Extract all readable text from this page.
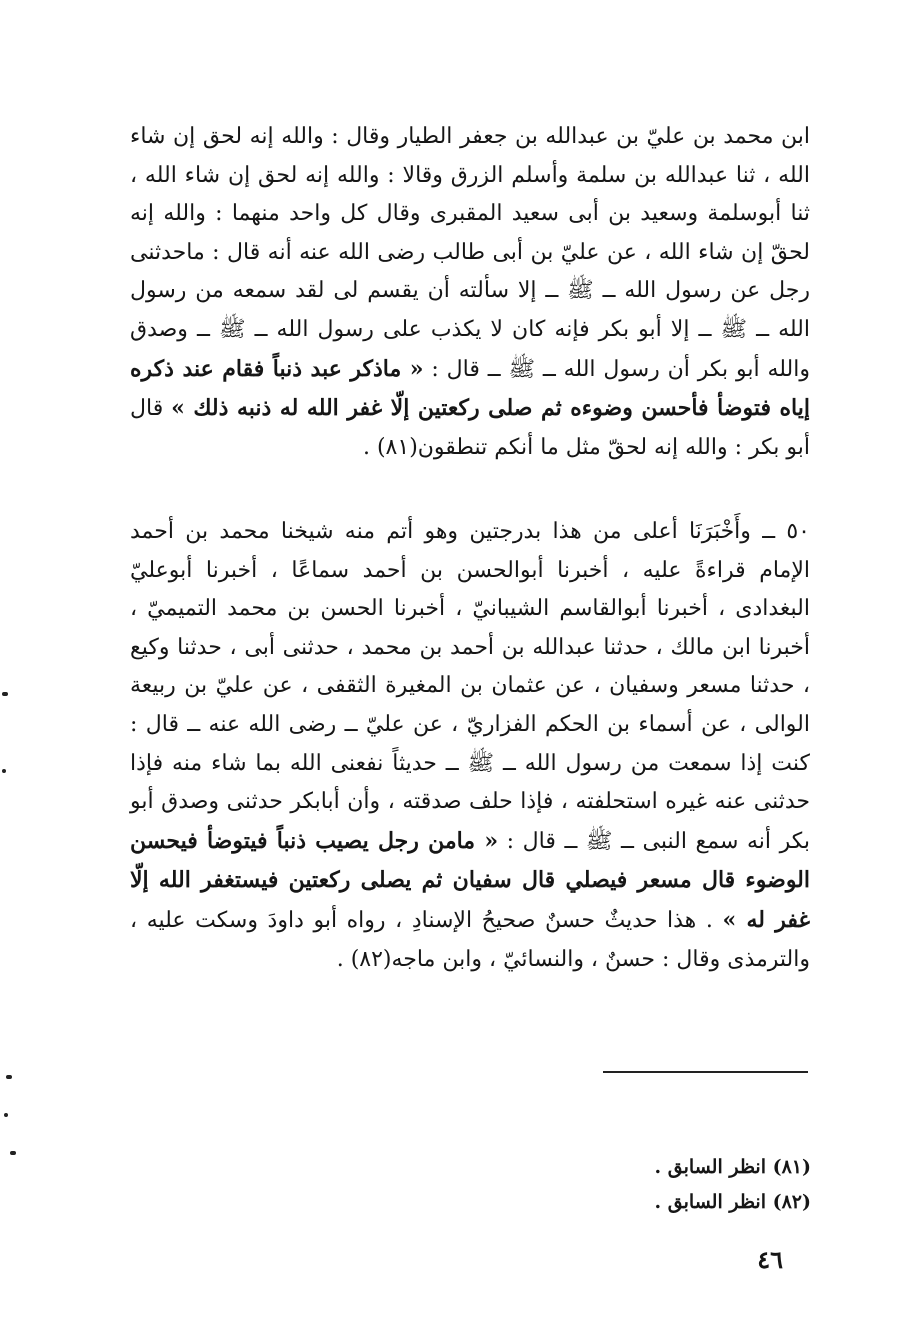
ابن محمد بن عليّ بن عبدالله بن جعفر الطيار وقال : والله إنه لحق إن شاء الله ، ثنا عبدالله بن سلمة وأسلم الزرق وقالا : والله إنه لحق إن شاء الله ، ثنا أبوسلمة وسعيد بن أبى سعيد المقبرى وقال كل واحد منهما : والله إنه لحقّ إن شاء الله ، عن عليّ بن أبى طالب رضى الله عنه أنه قال : ماحدثنى رجل عن رسول الله ــ ﷺ ــ إلا سألته أن يقسم لى لقد سمعه من رسول الله ــ ﷺ ــ إلا أبو بكر فإنه كان لا يكذب على رسول الله ــ ﷺ ــ وصدق والله أبو بكر أن رسول الله ــ ﷺ ــ قال : « ماذكر عبد ذنباً فقام عند ذكره إياه فتوضأ فأحسن وضوءه ثم صلى ركعتين إلّا غفر الله له ذنبه ذلك » قال أبو بكر : والله إنه لحقّ مثل ما أنكم تنطقون(٨١) .

٥٠ ــ وأَخْبَرَنَا أعلى من هذا بدرجتين وهو أتم منه شيخنا محمد بن أحمد الإمام قراءةً عليه ، أخبرنا أبوالحسن بن أحمد سماعًا ، أخبرنا أبوعليّ البغدادى ، أخبرنا أبوالقاسم الشيبانيّ ، أخبرنا الحسن بن محمد التميميّ ، أخبرنا ابن مالك ، حدثنا عبدالله بن أحمد بن محمد ، حدثنى أبى ، حدثنا وكيع ، حدثنا مسعر وسفيان ، عن عثمان بن المغيرة الثقفى ، عن عليّ بن ربيعة الوالى ، عن أسماء بن الحكم الفزاريّ ، عن عليّ ــ رضى الله عنه ــ قال : كنت إذا سمعت من رسول الله ــ ﷺ ــ حديثاً نفعنى الله بما شاء منه فإذا حدثنى عنه غيره استحلفته ، فإذا حلف صدقته ، وأن أبابكر حدثنى وصدق أبو بكر أنه سمع النبى ــ ﷺ ــ قال : « مامن رجل يصيب ذنباً فيتوضأ فيحسن الوضوء قال مسعر فيصلي قال سفيان ثم يصلى ركعتين فيستغفر الله إلّا غفر له » . هذا حديثٌ حسنٌ صحيحُ الإسنادِ ، رواه أبو داودَ وسكت عليه ، والترمذى وقال : حسنٌ ، والنسائيّ ، وابن ماجه(٨٢) .

(٨١) انظر السابق .

(٨٢) انظر السابق .

٤٦
